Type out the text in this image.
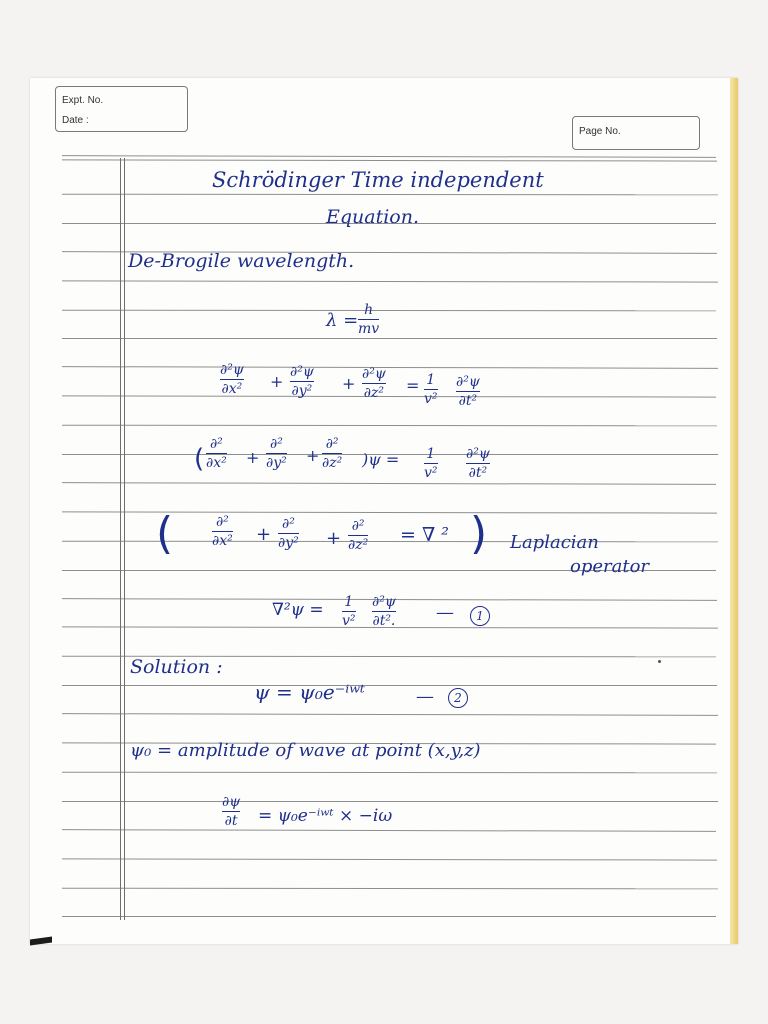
Expt. No.
Date :
Page No.

Schrödinger Time independent

Equation.

De-Brogile wavelength.

λ = h
mv
∂²ψ
∂x² + ∂²ψ
∂y² + ∂²ψ
∂z² = 1
v²
∂²ψ
∂t²
( ∂²
∂x² +

∂²
∂y² +

∂²
∂z² )ψ = 1
v²
∂²ψ
∂t²
(	∂²
∂x² + ∂²
∂y² +

∂²
∂z² = ∇ ² ) Laplacian

operator

∇²ψ = 1
v²
∂²ψ
∂t². —	1

Solution :

ψ = ψ₀e⁻ⁱʷᵗ	—	2

ψ₀ = amplitude of wave at point (x,y,z)

∂ψ
∂t = ψ₀e⁻ⁱʷᵗ × −iω
